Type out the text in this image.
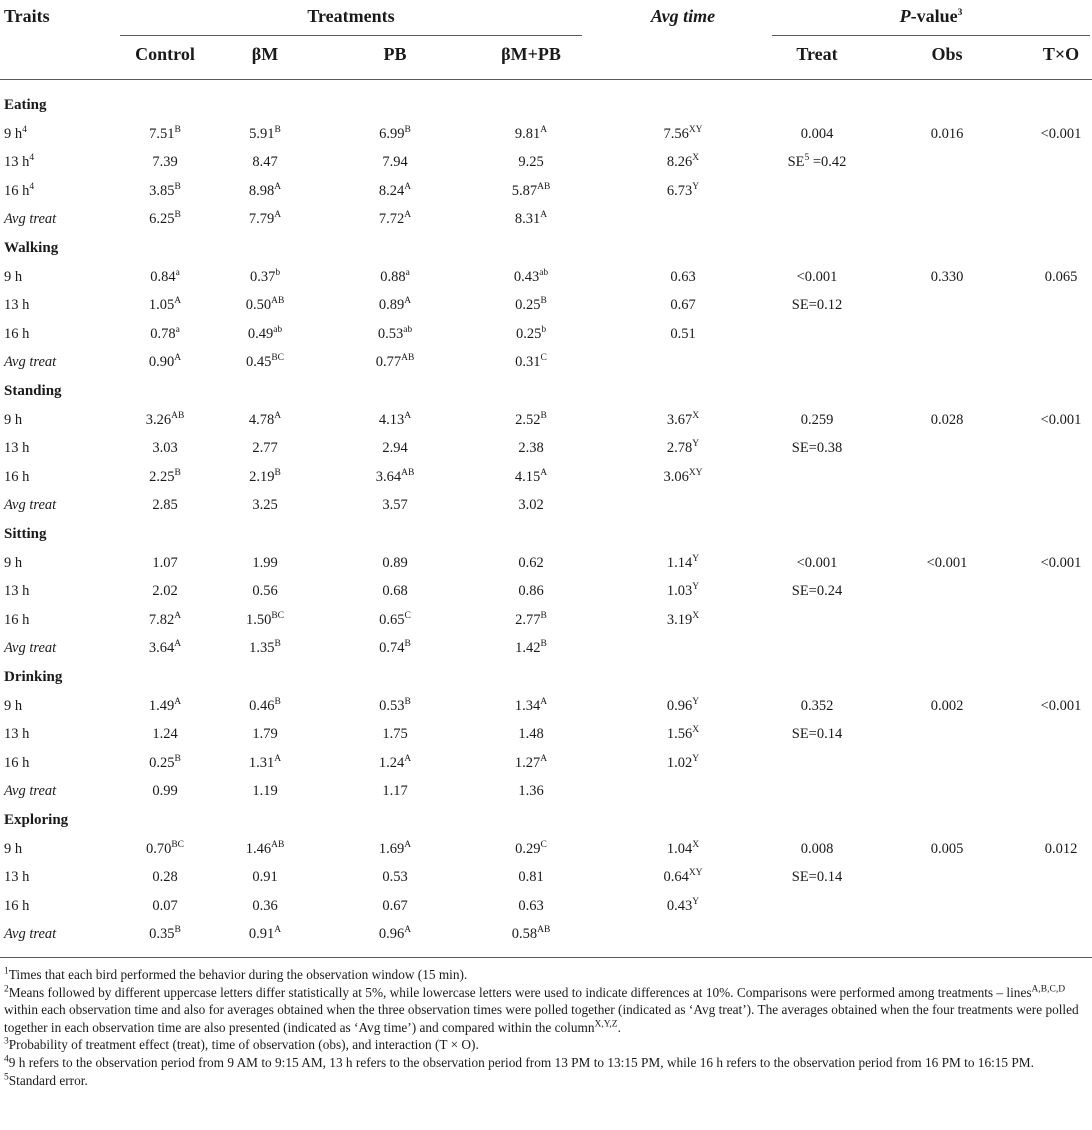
Traits	Treatments	Avg time	P-value$^3$
Control	βM	PB	βM+PB	Treat	Obs	T×O
Eating
9 $h^4$	$7.51^B$	$5.91^B$	$6.99^B$	$9.81^A$	$7.56^{XY}$	0.004	0.016	<0.001
13 $h^4$	7.39	8.47	7.94	9.25	$8.26^X$	$SE^5 =0.42$
16 $h^4$	$3.85^B$	$8.98^A$	$8.24^A$	$5.87^{AB}$	$6.73^Y$
Avg treat	$6.25^B$	$7.79^A$	$7.72^A$	$8.31^A$
Walking
9 h	0.84$^a$	0.37$^b$	0.88$^a$	0.43$^{ab}$	0.63	<0.001	0.330	0.065
13 h	$1.05^A$	$0.50^{AB}$	$0.89^A$	$0.25^B$	0.67	SE=0.12
16 h	0.78$^a$	0.49$^{ab}$	0.53$^{ab}$	0.25$^b$	0.51
Avg treat	$0.90^A$	$0.45^{BC}$	$0.77^{AB}$	$0.31^C$
Standing
9 h	$3.26^{AB}$	$4.78^A$	$4.13^A$	$2.52^B$	$3.67^X$	0.259	0.028	<0.001
13 h	3.03	2.77	2.94	2.38	$2.78^Y$	SE=0.38
16 h	$2.25^B$	$2.19^B$	$3.64^{AB}$	$4.15^A$	$3.06^{XY}$
Avg treat	2.85	3.25	3.57	3.02
Sitting
9 h	1.07	1.99	0.89	0.62	$1.14^Y$	<0.001	<0.001	<0.001
13 h	2.02	0.56	0.68	0.86	$1.03^Y$	SE=0.24
16 h	$7.82^A$	$1.50^{BC}$	$0.65^C$	$2.77^B$	$3.19^X$
Avg treat	$3.64^A$	$1.35^B$	$0.74^B$	$1.42^B$
Drinking
9 h	$1.49^A$	$0.46^B$	$0.53^B$	$1.34^A$	$0.96^Y$	0.352	0.002	<0.001
13 h	1.24	1.79	1.75	1.48	$1.56^X$	SE=0.14
16 h	$0.25^B$	$1.31^A$	$1.24^A$	$1.27^A$	$1.02^Y$
Avg treat	0.99	1.19	1.17	1.36
Exploring
9 h	$0.70^{BC}$	$1.46^{AB}$	$1.69^A$	$0.29^C$	$1.04^X$	0.008	0.005	0.012
13 h	0.28	0.91	0.53	0.81	$0.64^{XY}$	SE=0.14
16 h	0.07	0.36	0.67	0.63	$0.43^Y$
Avg treat	$0.35^B$	$0.91^A$	$0.96^A$	$0.58^{AB}$
$^1$Times that each bird performed the behavior during the observation window (15 min).
$^2$Means followed by different uppercase letters differ statistically at 5%, while lowercase letters were used to indicate differences at 10%. Comparisons were performed among treatments – lines$^{A,B,C,D}$ within each observation time and also for averages obtained when the three observation times were polled together (indicated as ‘Avg treat’). The averages obtained when the four treatments were polled together in each observation time are also presented (indicated as ‘Avg time’) and compared within the column$^{X,Y,Z}$.
$^3$Probability of treatment effect (treat), time of observation (obs), and interaction (T × O).
$^4$9 h refers to the observation period from 9 AM to 9:15 AM, 13 h refers to the observation period from 13 PM to 13:15 PM, while 16 h refers to the observation period from 16 PM to 16:15 PM.
$^5$Standard error.
